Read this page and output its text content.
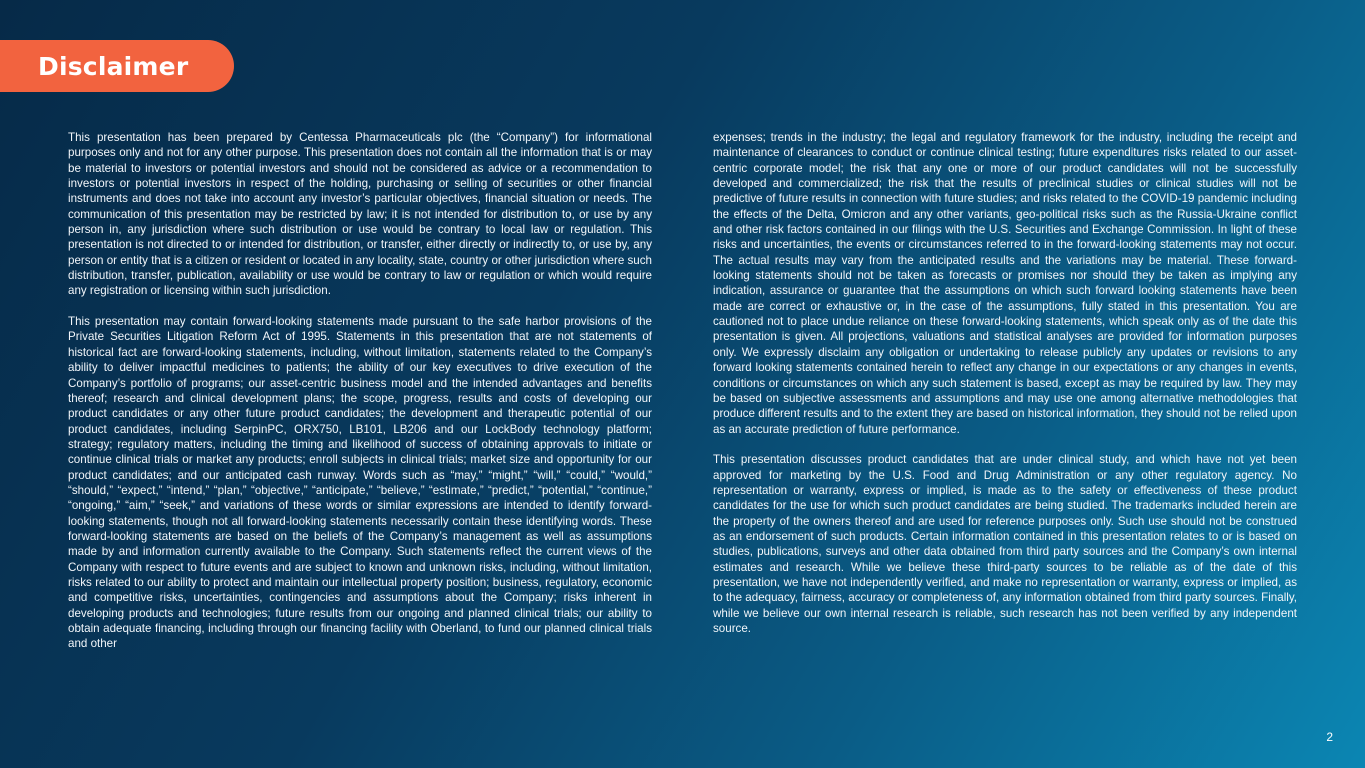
Disclaimer

This presentation has been prepared by Centessa Pharmaceuticals plc (the “Company”) for informational purposes only and not for any other purpose. This presentation does not contain all the information that is or may be material to investors or potential investors and should not be considered as advice or a recommendation to investors or potential investors in respect of the holding, purchasing or selling of securities or other financial instruments and does not take into account any investor’s particular objectives, financial situation or needs. The communication of this presentation may be restricted by law; it is not intended for distribution to, or use by any person in, any jurisdiction where such distribution or use would be contrary to local law or regulation. This presentation is not directed to or intended for distribution, or transfer, either directly or indirectly to, or use by, any person or entity that is a citizen or resident or located in any locality, state, country or other jurisdiction where such distribution, transfer, publication, availability or use would be contrary to law or regulation or which would require any registration or licensing within such jurisdiction.

This presentation may contain forward-looking statements made pursuant to the safe harbor provisions of the Private Securities Litigation Reform Act of 1995. Statements in this presentation that are not statements of historical fact are forward-looking statements, including, without limitation, statements related to the Company’s ability to deliver impactful medicines to patients; the ability of our key executives to drive execution of the Company’s portfolio of programs; our asset-centric business model and the intended advantages and benefits thereof; research and clinical development plans; the scope, progress, results and costs of developing our product candidates or any other future product candidates; the development and therapeutic potential of our product candidates, including SerpinPC, ORX750, LB101, LB206 and our LockBody technology platform; strategy; regulatory matters, including the timing and likelihood of success of obtaining approvals to initiate or continue clinical trials or market any products; enroll subjects in clinical trials; market size and opportunity for our product candidates; and our anticipated cash runway. Words such as “may,” “might,” “will,” “could,” “would,” “should,” “expect,” “intend,” “plan,” “objective,” “anticipate,” “believe,” “estimate,” “predict,” “potential,” “continue,” “ongoing,” “aim,” “seek,” and variations of these words or similar expressions are intended to identify forward-looking statements, though not all forward-looking statements necessarily contain these identifying words. These forward-looking statements are based on the beliefs of the Company’s management as well as assumptions made by and information currently available to the Company. Such statements reflect the current views of the Company with respect to future events and are subject to known and unknown risks, including, without limitation, risks related to our ability to protect and maintain our intellectual property position; business, regulatory, economic and competitive risks, uncertainties, contingencies and assumptions about the Company; risks inherent in developing products and technologies; future results from our ongoing and planned clinical trials; our ability to obtain adequate financing, including through our financing facility with Oberland, to fund our planned clinical trials and other

expenses; trends in the industry; the legal and regulatory framework for the industry, including the receipt and maintenance of clearances to conduct or continue clinical testing; future expenditures risks related to our asset-centric corporate model; the risk that any one or more of our product candidates will not be successfully developed and commercialized; the risk that the results of preclinical studies or clinical studies will not be predictive of future results in connection with future studies; and risks related to the COVID-19 pandemic including the effects of the Delta, Omicron and any other variants, geo-political risks such as the Russia-Ukraine conflict and other risk factors contained in our filings with the U.S. Securities and Exchange Commission. In light of these risks and uncertainties, the events or circumstances referred to in the forward-looking statements may not occur. The actual results may vary from the anticipated results and the variations may be material. These forward-looking statements should not be taken as forecasts or promises nor should they be taken as implying any indication, assurance or guarantee that the assumptions on which such forward looking statements have been made are correct or exhaustive or, in the case of the assumptions, fully stated in this presentation. You are cautioned not to place undue reliance on these forward-looking statements, which speak only as of the date this presentation is given. All projections, valuations and statistical analyses are provided for information purposes only. We expressly disclaim any obligation or undertaking to release publicly any updates or revisions to any forward looking statements contained herein to reflect any change in our expectations or any changes in events, conditions or circumstances on which any such statement is based, except as may be required by law. They may be based on subjective assessments and assumptions and may use one among alternative methodologies that produce different results and to the extent they are based on historical information, they should not be relied upon as an accurate prediction of future performance.

This presentation discusses product candidates that are under clinical study, and which have not yet been approved for marketing by the U.S. Food and Drug Administration or any other regulatory agency. No representation or warranty, express or implied, is made as to the safety or effectiveness of these product candidates for the use for which such product candidates are being studied. The trademarks included herein are the property of the owners thereof and are used for reference purposes only. Such use should not be construed as an endorsement of such products. Certain information contained in this presentation relates to or is based on studies, publications, surveys and other data obtained from third party sources and the Company’s own internal estimates and research. While we believe these third-party sources to be reliable as of the date of this presentation, we have not independently verified, and make no representation or warranty, express or implied, as to the adequacy, fairness, accuracy or completeness of, any information obtained from third party sources. Finally, while we believe our own internal research is reliable, such research has not been verified by any independent source.

2
